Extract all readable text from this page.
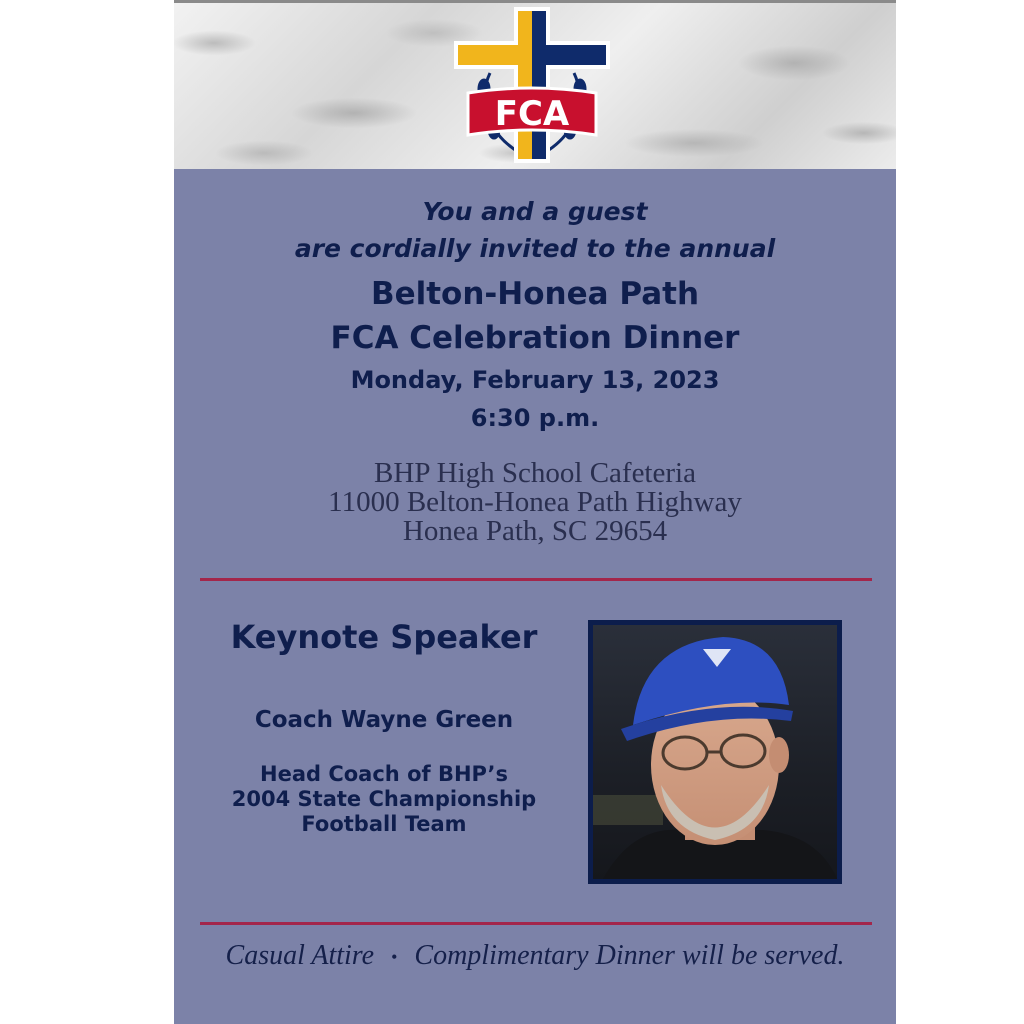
FCA
You and a guest
are cordially invited to the annual
Belton-Honea Path
FCA Celebration Dinner
Monday, February 13, 2023
6:30 p.m.
BHP High School Cafeteria
11000 Belton-Honea Path Highway
Honea Path, SC 29654
Keynote Speaker
Coach Wayne Green
Head Coach of BHP’s
2004 State Championship
Football Team
Casual Attire • Complimentary Dinner will be served.
